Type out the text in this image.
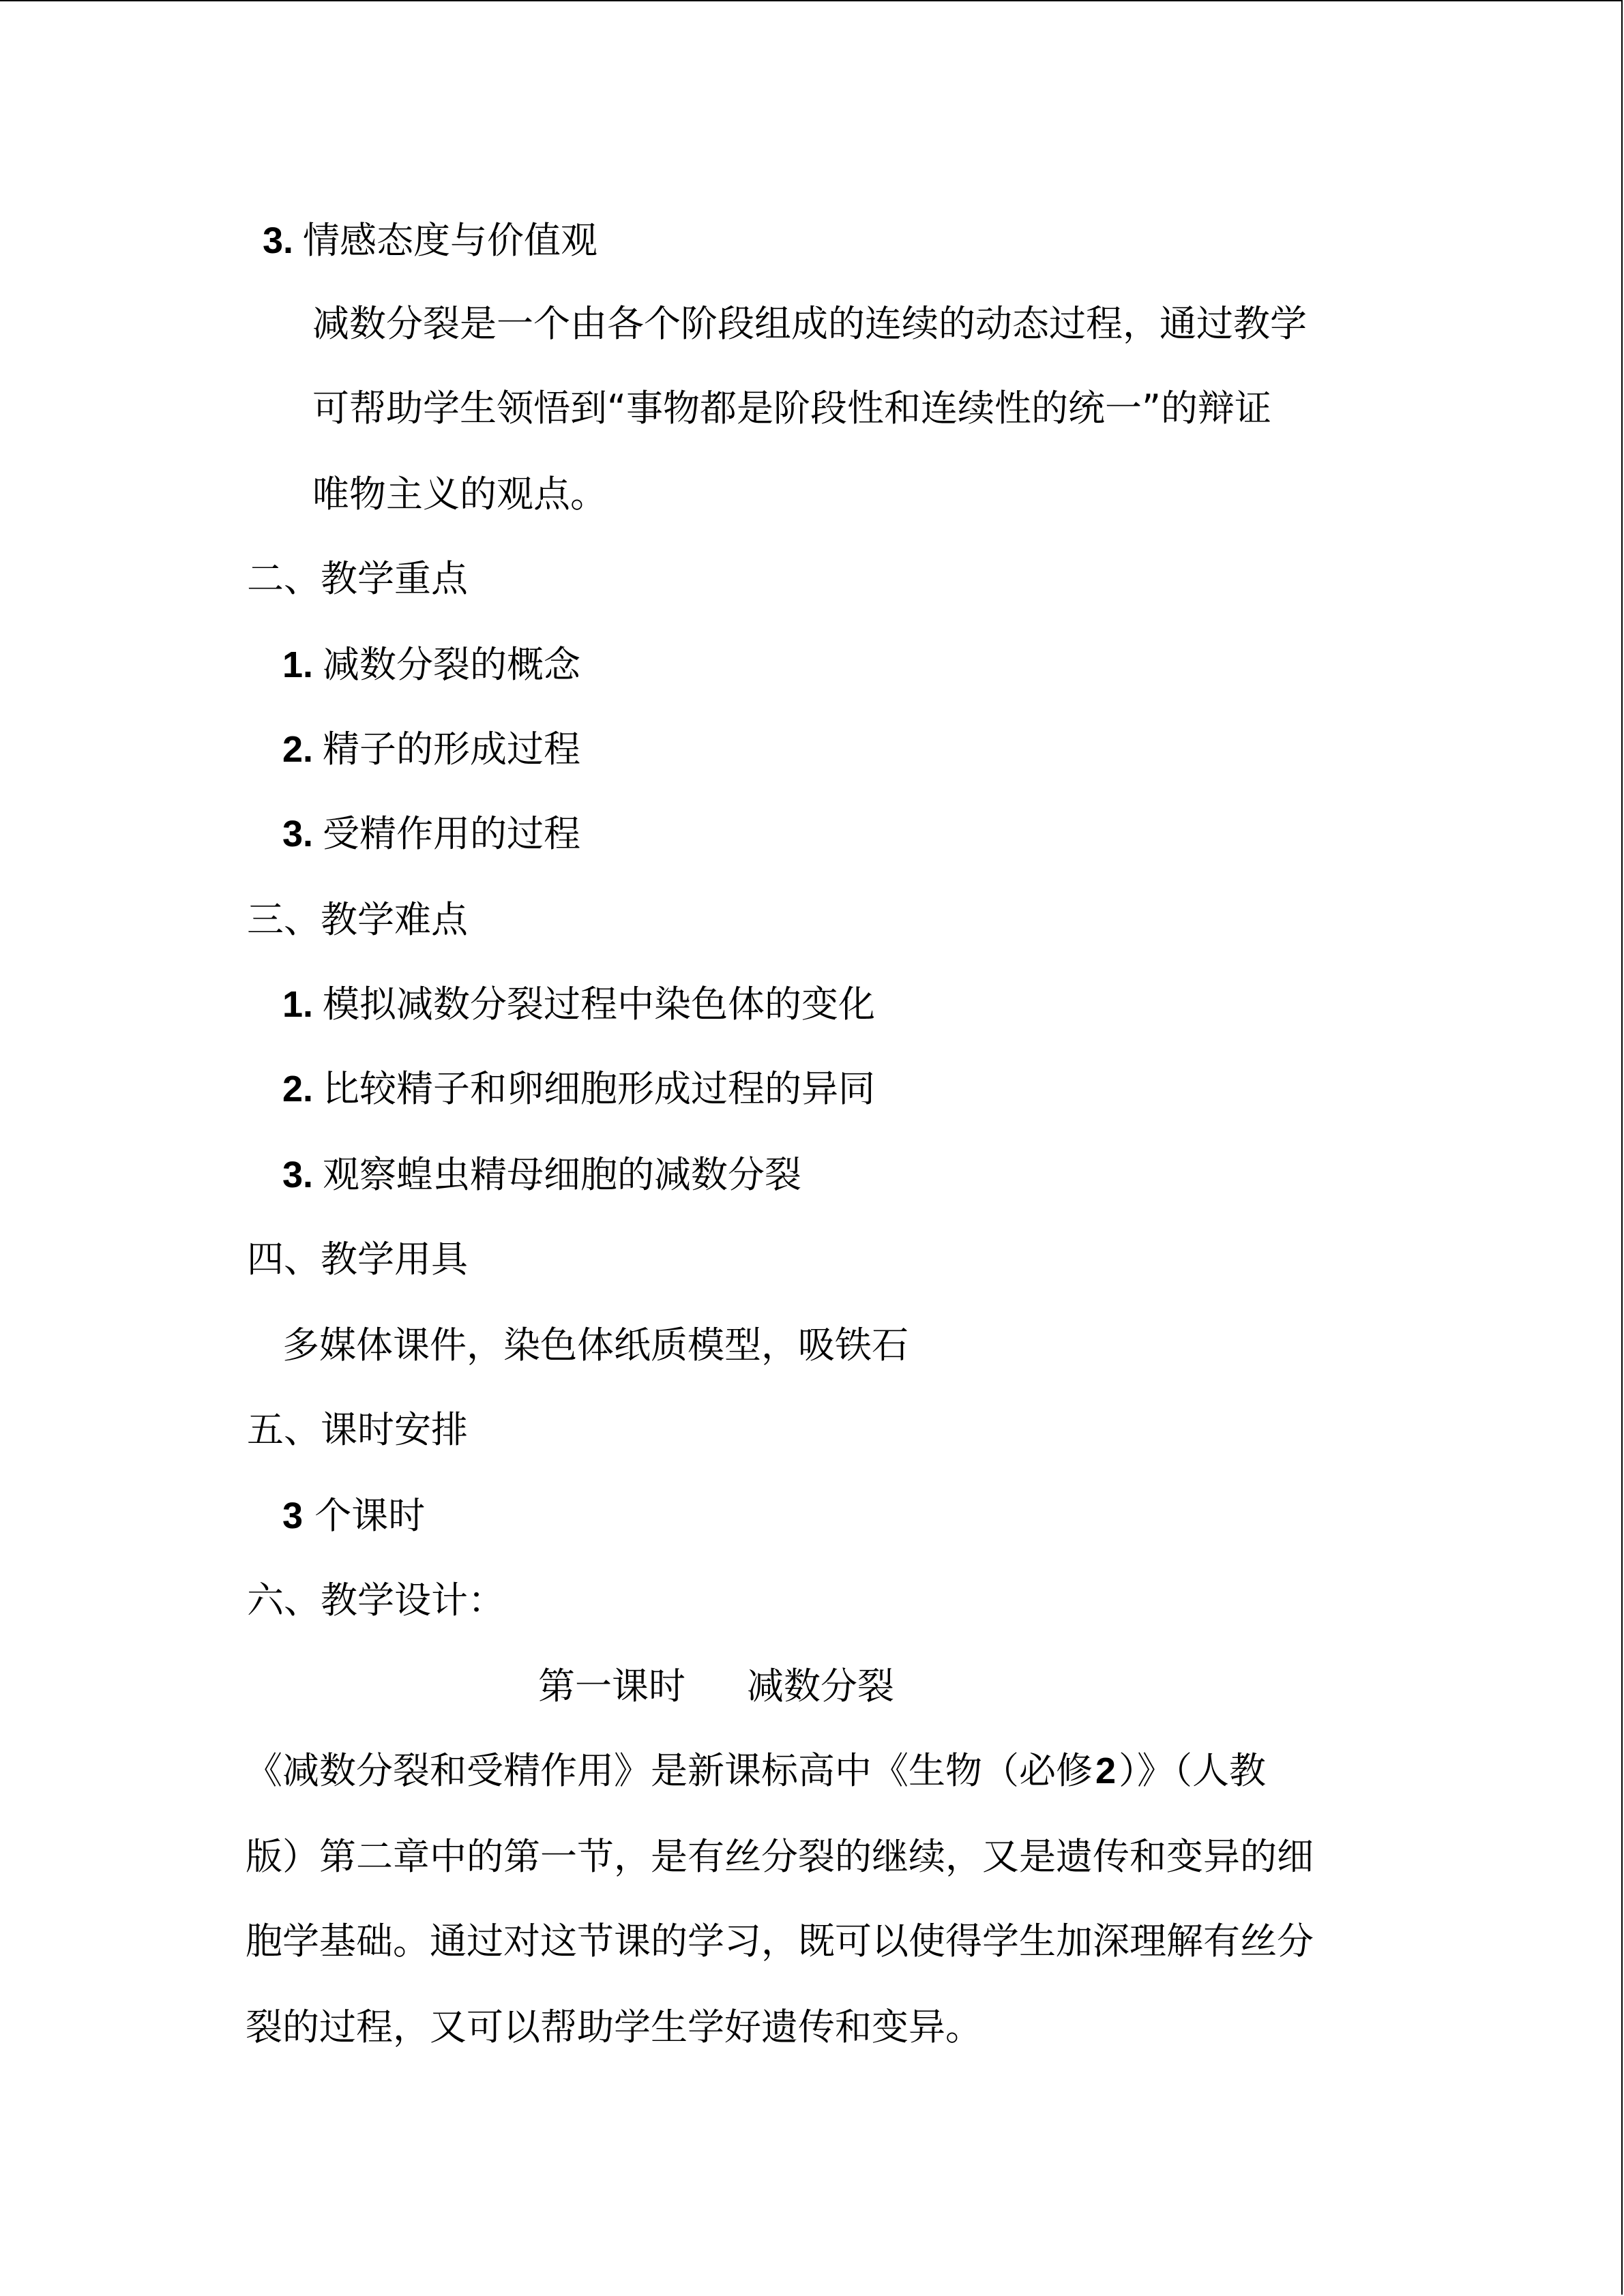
3. 情感态度与价值观
减数分裂是一个由各个阶段组成的连续的动态过程，通过教学
可帮助学生领悟到“事物都是阶段性和连续性的统一”的辩证
唯物主义的观点。
二、教学重点
1. 减数分裂的概念
2. 精子的形成过程
3. 受精作用的过程
三、教学难点
1. 模拟减数分裂过程中染色体的变化
2. 比较精子和卵细胞形成过程的异同
3. 观察蝗虫精母细胞的减数分裂
四、教学用具
多媒体课件，染色体纸质模型，吸铁石
五、课时安排
3 个课时
六、教学设计：
第一课时 减数分裂
《减数分裂和受精作用》是新课标高中《生物（必修2）》（人教
版）第二章中的第一节，是有丝分裂的继续，又是遗传和变异的细
胞学基础。通过对这节课的学习，既可以使得学生加深理解有丝分
裂的过程，又可以帮助学生学好遗传和变异。
